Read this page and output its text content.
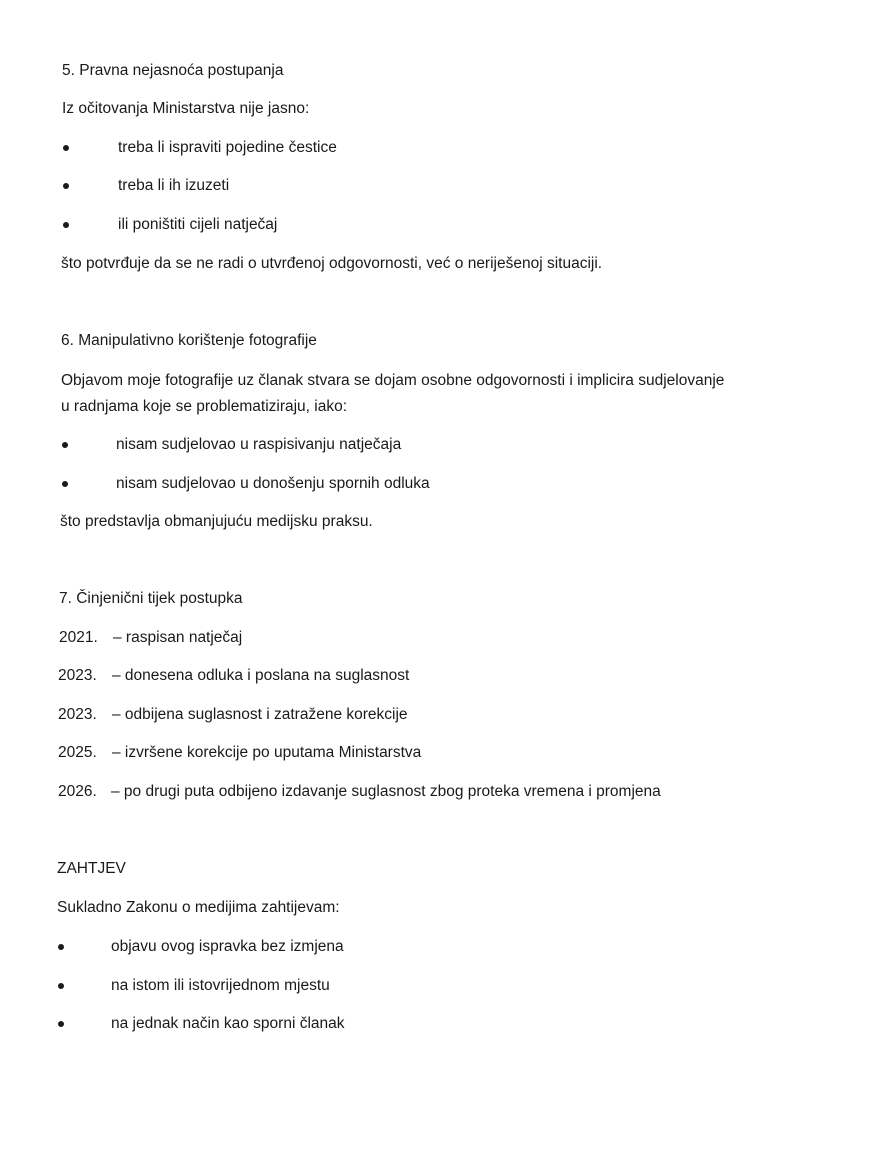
5. Pravna nejasnoća postupanja
Iz očitovanja Ministarstva nije jasno:
treba li ispraviti pojedine čestice
treba li ih izuzeti
ili poništiti cijeli natječaj
što potvrđuje da se ne radi o utvrđenoj odgovornosti, već o neriješenoj situaciji.
6. Manipulativno korištenje fotografije
Objavom moje fotografije uz članak stvara se dojam osobne odgovornosti i implicira sudjelovanje
u radnjama koje se problematiziraju, iako:
nisam sudjelovao u raspisivanju natječaja
nisam sudjelovao u donošenju spornih odluka
što predstavlja obmanjujuću medijsku praksu.
7. Činjenični tijek postupka
2021. – raspisan natječaj
2023. – donesena odluka i poslana na suglasnost
2023. – odbijena suglasnost i zatražene korekcije
2025. – izvršene korekcije po uputama Ministarstva
2026. – po drugi puta odbijeno izdavanje suglasnost zbog proteka vremena i promjena
ZAHTJEV
Sukladno Zakonu o medijima zahtijevam:
objavu ovog ispravka bez izmjena
na istom ili istovrijednom mjestu
na jednak način kao sporni članak
